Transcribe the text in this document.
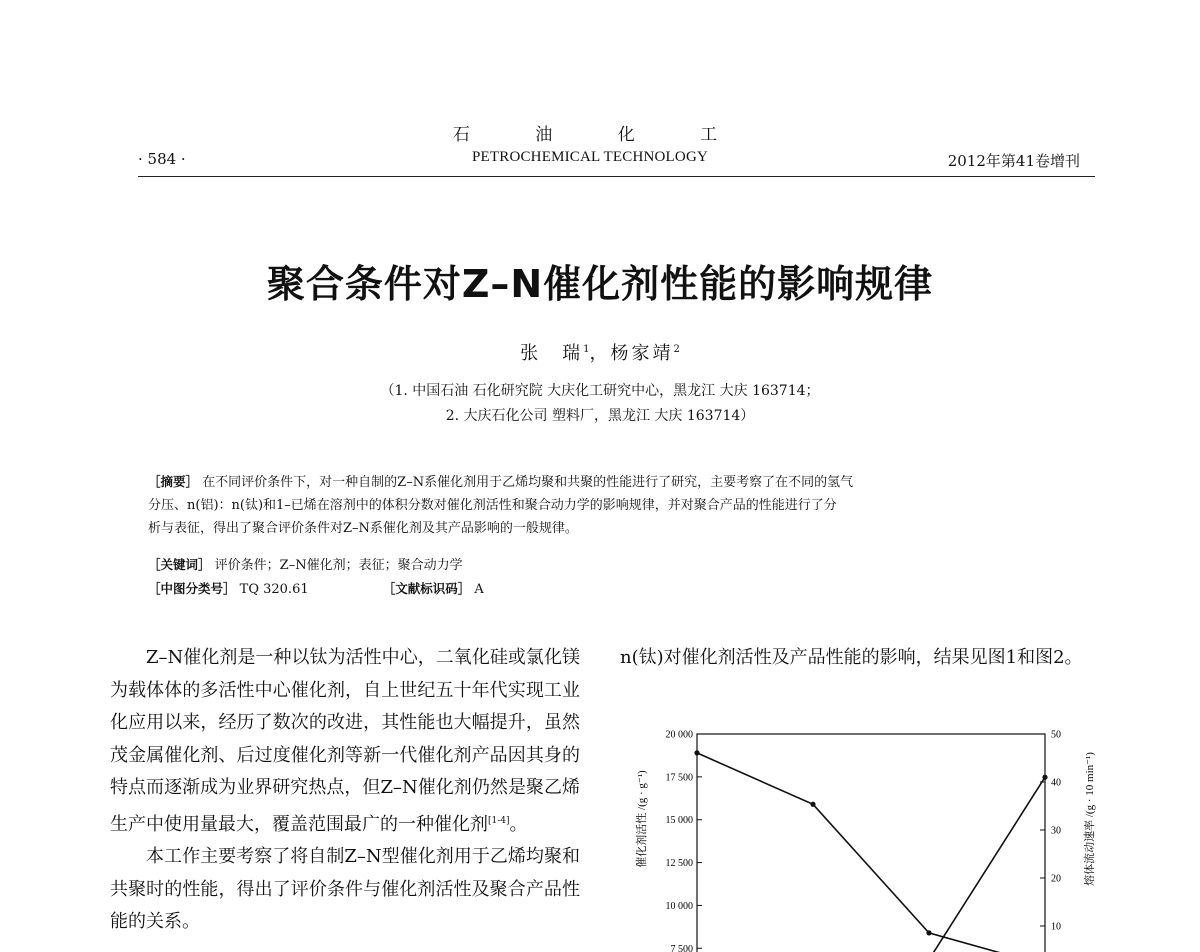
石 油 化 工
· 584 ·	PETROCHEMICAL TECHNOLOGY	2012年第41卷增刊
聚合条件对Z–N催化剂性能的影响规律
张　瑞$^1$，杨家靖$^2$
（1. 中国石油 石化研究院 大庆化工研究中心，黑龙江 大庆 163714；
2. 大庆石化公司 塑料厂，黑龙江 大庆 163714）
［摘要］ 在不同评价条件下，对一种自制的Z–N系催化剂用于乙烯均聚和共聚的性能进行了研究，主要考察了在不同的氢气
分压、n(铝)：n(钛)和1–已烯在溶剂中的体积分数对催化剂活性和聚合动力学的影响规律，并对聚合产品的性能进行了分
析与表征，得出了聚合评价条件对Z–N系催化剂及其产品影响的一般规律。
［关键词］ 评价条件；Z–N催化剂；表征；聚合动力学
［中图分类号］ TQ 320.61	［文献标识码］ A

Z–N催化剂是一种以钛为活性中心，二氧化硅或氯化镁为载体体的多活性中心催化剂，自上世纪五十年代实现工业化应用以来，经历了数次的改进，其性能也大幅提升，虽然茂金属催化剂、后过度催化剂等新一代催化剂产品因其身的特点而逐渐成为业界研究热点，但Z–N催化剂仍然是聚乙烯生产中使用量最大，覆盖范围最广的一种催化剂[1-4]。

本工作主要考察了将自制Z–N型催化剂用于乙烯均聚和共聚时的性能，得出了评价条件与催化剂活性及聚合产品性能的关系。

n(钛)对催化剂活性及产品性能的影响，结果见图1和图2。

20 000
17 500
15 000
12 500
10 000
7 500
50
40
30
20
10
催化剂活性 /(g · g⁻¹)	熔体流动速率 /(g · 10 min⁻¹)
